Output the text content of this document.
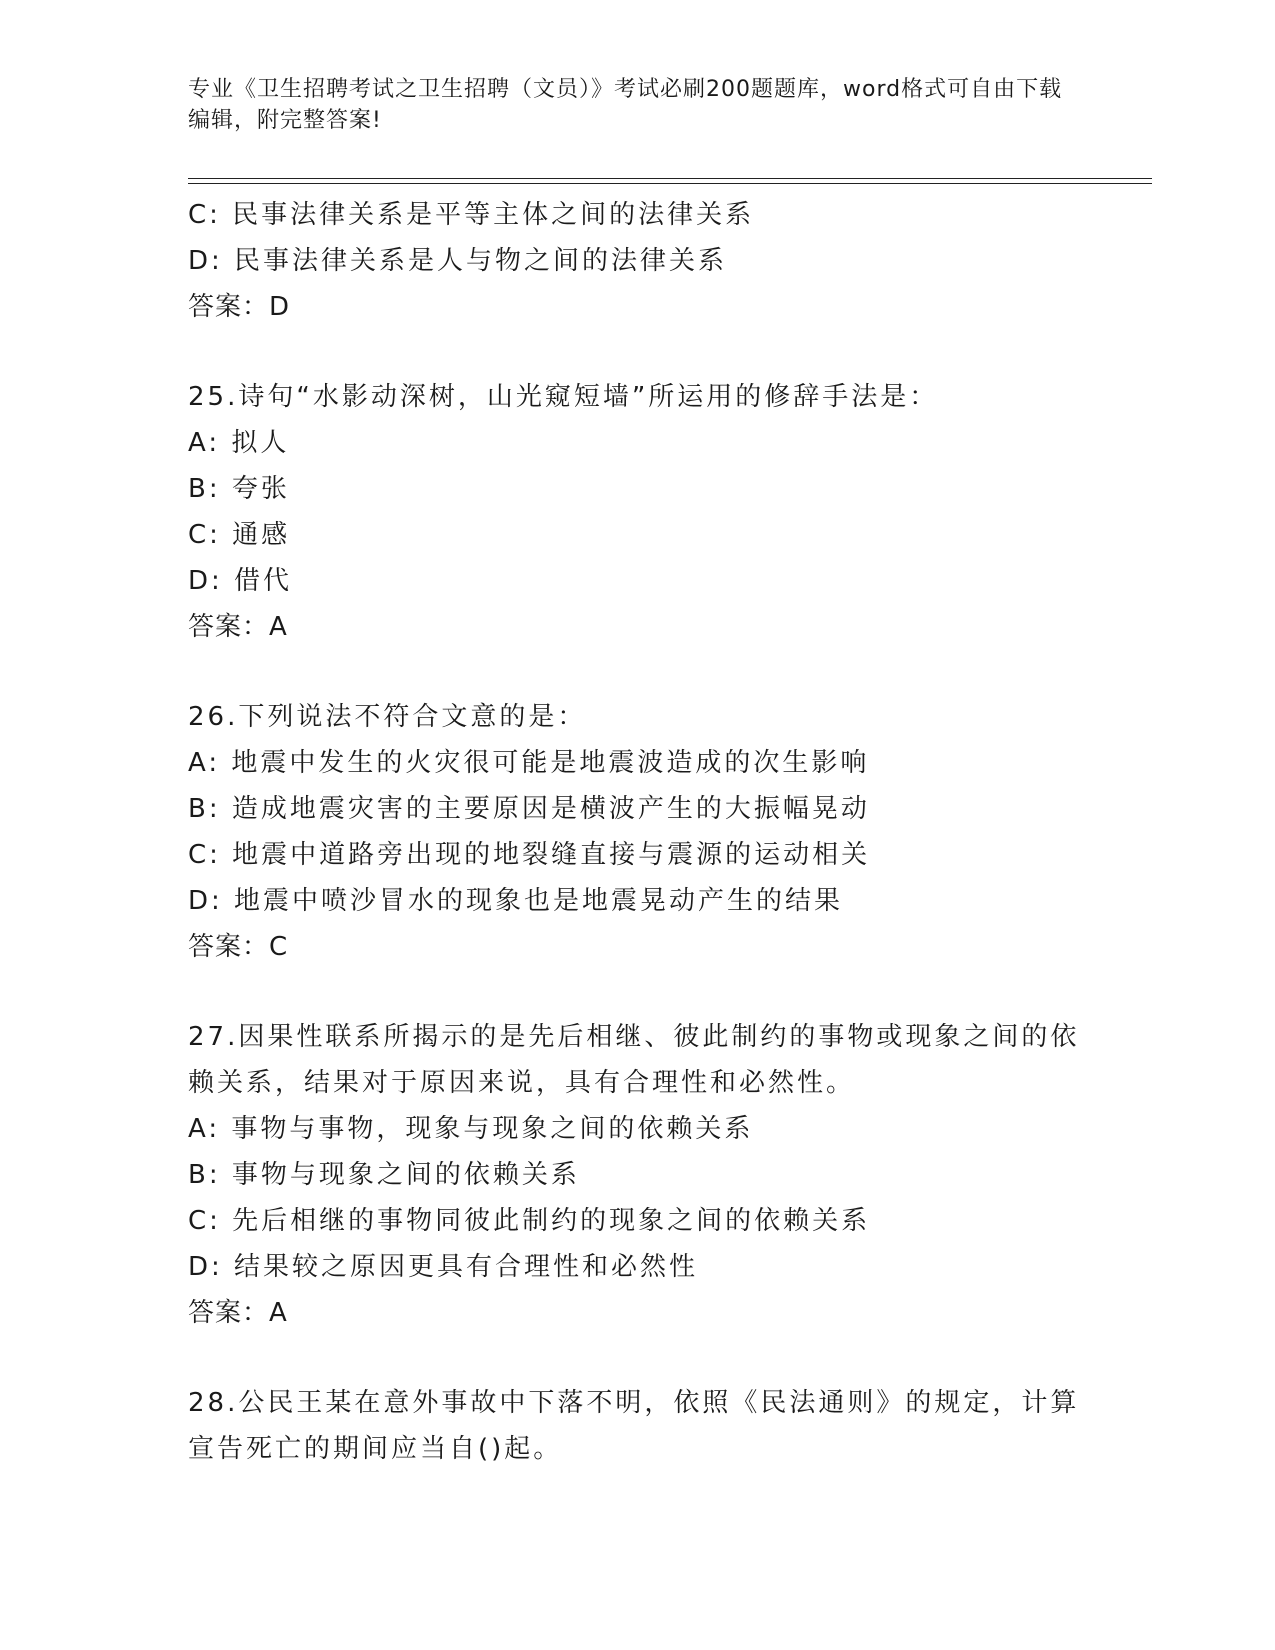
专业《卫生招聘考试之卫生招聘（文员）》考试必刷200题题库，word格式可自由下载编辑，附完整答案!
C: 民事法律关系是平等主体之间的法律关系
D: 民事法律关系是人与物之间的法律关系
答案：D
25.诗句“水影动深树，山光窥短墙”所运用的修辞手法是：
A: 拟人
B: 夸张
C: 通感
D: 借代
答案：A
26.下列说法不符合文意的是：
A: 地震中发生的火灾很可能是地震波造成的次生影响
B: 造成地震灾害的主要原因是横波产生的大振幅晃动
C: 地震中道路旁出现的地裂缝直接与震源的运动相关
D: 地震中喷沙冒水的现象也是地震晃动产生的结果
答案：C
27.因果性联系所揭示的是先后相继、彼此制约的事物或现象之间的依赖关系，结果对于原因来说，具有合理性和必然性。
A: 事物与事物，现象与现象之间的依赖关系
B: 事物与现象之间的依赖关系
C: 先后相继的事物同彼此制约的现象之间的依赖关系
D: 结果较之原因更具有合理性和必然性
答案：A
28.公民王某在意外事故中下落不明，依照《民法通则》的规定，计算宣告死亡的期间应当自()起。
